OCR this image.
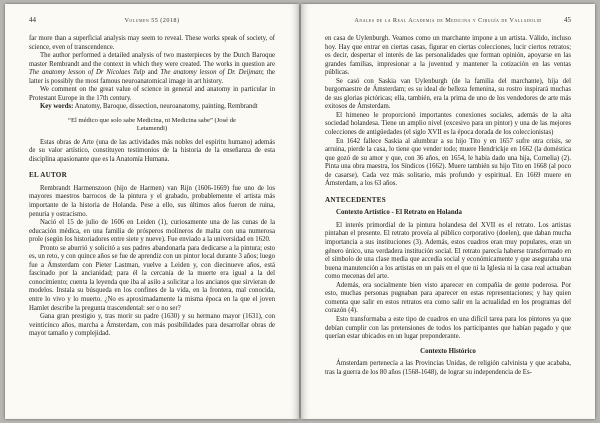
44	Volumen 55 (2018)

far more than a superficial analysis may seem to reveal. These works speak of society, of science, even of transcendence.

The author performed a detailed analysis of two masterpieces by the Dutch Baroque master Rembrandt and the context in which they were created. The works in question are The anatomy lesson of Dr Nicolaes Tulp and The anatomy lesson of Dr. Deijman; the latter is possibly the most famous neuroanatomical image in art history.

We comment on the great value of science in general and anatomy in particular in Protestant Europe in the 17th century.

Key words: Anatomy, Baroque, dissection, neuroanatomy, painting, Rembrandt

“El médico que solo sabe Medicina, ni Medicina sabe” (José de Letamendi)

Estas obras de Arte (una de las actividades más nobles del espíritu humano) además de su valor artístico, constituyen testimonios de la historia de la enseñanza de esta disciplina apasionante que es la Anatomía Humana.

EL AUTOR

Rembrandt Harmenszoon (hijo de Harmen) van Rijn (1606-1669) fue uno de los mayores maestros barrocos de la pintura y el grabado, probablemente el artista más importante de la historia de Holanda. Pese a ello, sus últimos años fueron de ruina, penuria y ostracismo.

Nació el 15 de julio de 1606 en Leiden (1), curiosamente una de las cunas de la educación médica, en una familia de prósperos molineros de malta con una numerosa prole (según los historiadores entre siete y nueve). Fue enviado a la universidad en 1620.

Pronto se aburrió y solicitó a sus padres abandonarla para dedicarse a la pintura; esto es, un reto, y con quince años se fue de aprendiz con un pintor local durante 3 años; luego fue a Ámsterdam con Pieter Lastman, vuelve a Leiden y, con diecinueve años, está fascinado por la ancianidad; para él la cercanía de la muerte era igual a la del conocimiento; cuenta la leyenda que iba al asilo a solicitar a los ancianos que sirvieran de modelos. Instala su búsqueda en los confines de la vida, en la frontera, mal conocida, entre lo vivo y lo muerto. ¿No es aproximadamente la misma época en la que el joven Hamlet describe la pregunta trascendental: ser o no ser?

Gana gran prestigio y, tras morir su padre (1630) y su hermano mayor (1631), con veinticinco años, marcha a Ámsterdam, con más posibilidades para desarrollar obras de mayor tamaño y complejidad.

Anales de la Real Academia de Medicina y Cirugía de Valladolid	45

en casa de Uylenburgh. Veamos como un marchante impone a un artista. Válido, incluso hoy. Hay que entrar en ciertas casas, figurar en ciertas colecciones, lucir ciertos retratos; es decir, despertar el interés de las personalidades que forman opinión, apoyarse en las grandes familias, impresionar a la juventud y mantener la cotización en las ventas públicas.

Se casó con Saskia van Uylenburgh (de la familia del marchante), hija del burgomaestre de Ámsterdam; es su ideal de belleza femenina, su rostro inspirará muchas de sus glorias pictóricas; ella, también, era la prima de uno de los vendedores de arte más exitosos de Ámsterdam.

El himeneo le proporcionó importantes conexiones sociales, además de la alta sociedad holandesa. Tiene un amplio nivel (excesivo para un pintor) y una de las mejores colecciones de antigüedades (el siglo XVII es la época dorada de los coleccionistas)

En 1642 fallece Saskia al alumbrar a su hijo Tito y en 1657 sufre otra crisis, se arruina, pierde la casa, lo tiene que vender todo; muere Hendrickje en 1662 (la doméstica que gozó de su amor y que, con 36 años, en 1654, le había dado una hija, Cornelia) (2). Pinta una obra maestra, los Síndicos (1662). Muere también su hijo Tito en 1668 (al poco de casarse). Cada vez más solitario, más profundo y espiritual. En 1669 muere en Ámsterdam, a los 63 años.

ANTECEDENTES

Contexto Artístico - El Retrato en Holanda

El interés primordial de la pintura holandesa del XVII es el retrato. Los artistas pintaban el presente. El retrato proveía al público corporativo (doelen), que daban mucha importancia a sus instituciones (3). Además, estos cuadros eran muy populares, eran un género único, una verdadera institución social. El retrato parecía haberse transformado en el símbolo de una clase media que accedía social y económicamente y que aseguraba una buena manutención a los artistas en un país en el que ni la Iglesia ni la casa real actuaban como mecenas del arte.

Además, era socialmente bien visto aparecer en compañía de gente poderosa. Por esto, muchas personas pugnaban para aparecer en estas representaciones; y hay quien comenta que salir en estos retratos era como salir en la actualidad en los programas del corazón (4).

Esto transformaba a este tipo de cuadros en una difícil tarea para los pintores ya que debían cumplir con las pretensiones de todos los participantes que habían pagado y que querían estar ubicados en un lugar preponderante.

Contexto Histórico

Ámsterdam pertenecía a las Provincias Unidas, de religión calvinista y que acababa, tras la guerra de los 80 años (1568-1648), de lograr su independencia de Es-
